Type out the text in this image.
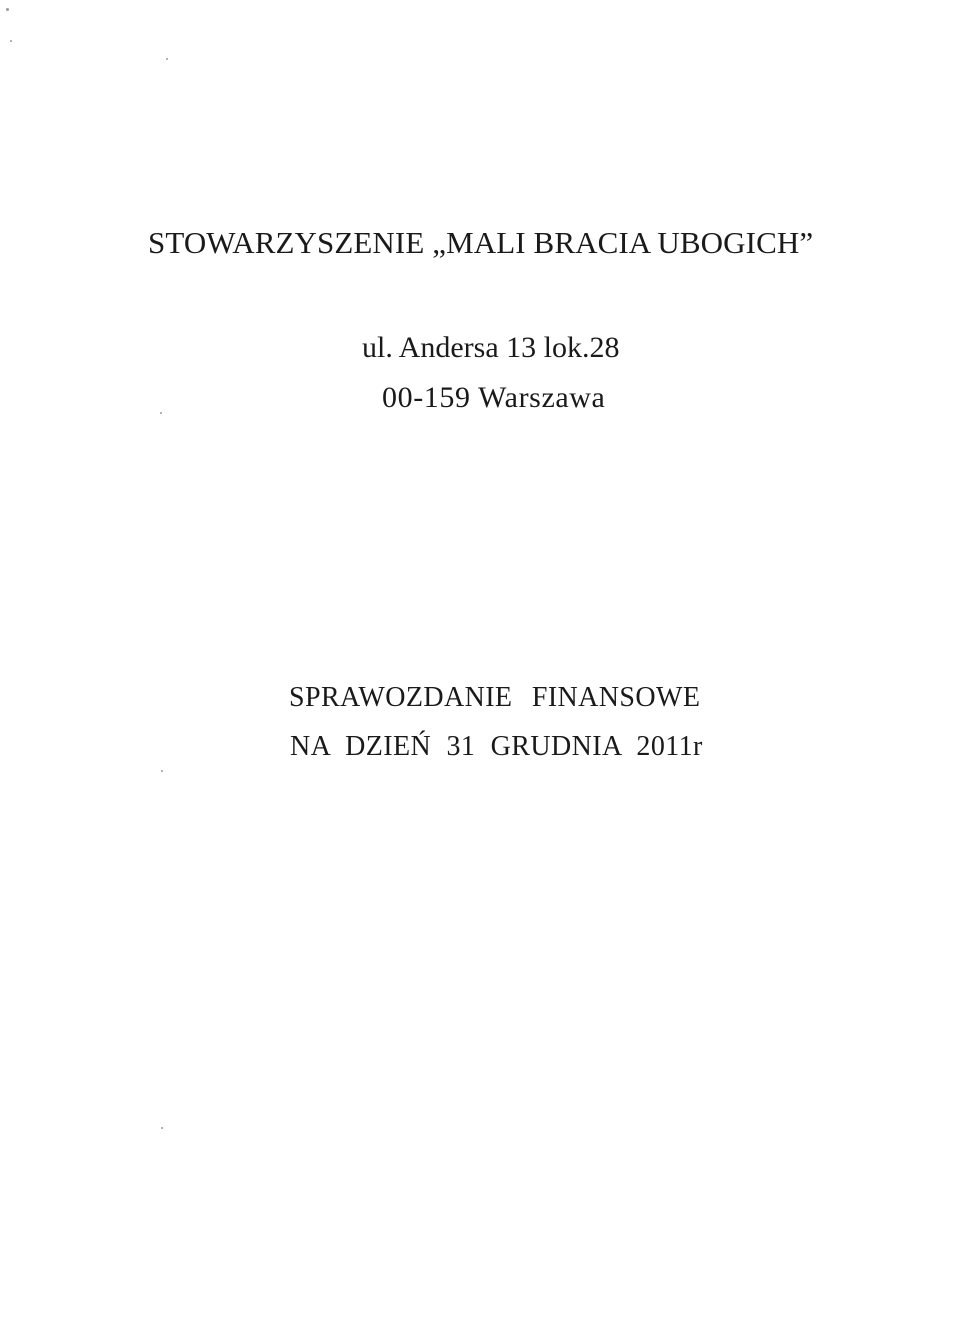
STOWARZYSZENIE „MALI BRACIA UBOGICH”
ul. Andersa 13 lok.28
00-159 Warszawa
SPRAWOZDANIE FINANSOWE
NA DZIEŃ 31 GRUDNIA 2011r
